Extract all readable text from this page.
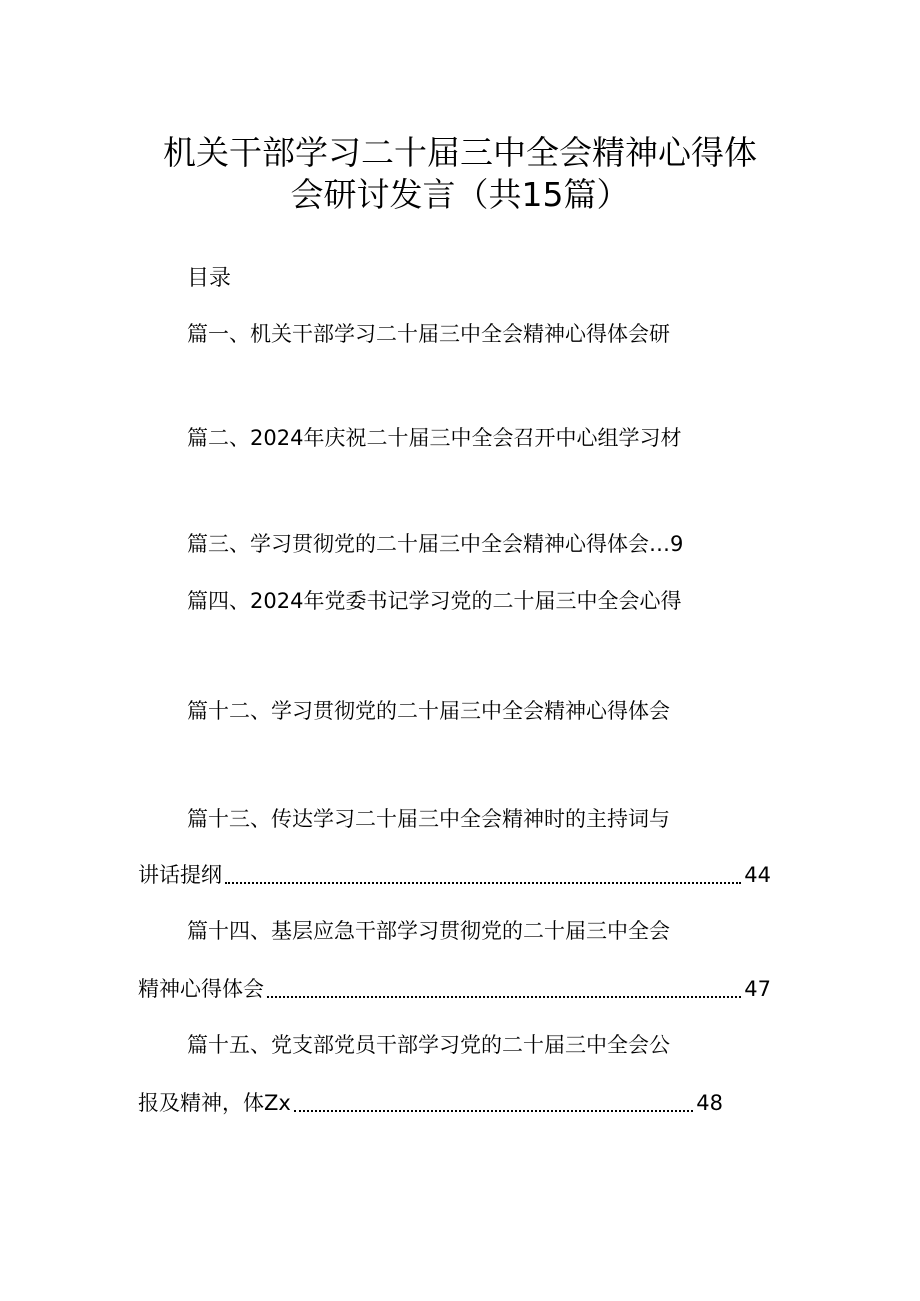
机关干部学习二十届三中全会精神心得体
会研讨发言（共15篇）
目录
篇一、机关干部学习二十届三中全会精神心得体会研
篇二、2024年庆祝二十届三中全会召开中心组学习材
篇三、学习贯彻党的二十届三中全会精神心得体会…9
篇四、2024年党委书记学习党的二十届三中全会心得
篇十二、学习贯彻党的二十届三中全会精神心得体会
篇十三、传达学习二十届三中全会精神时的主持词与
讲话提纲	44
篇十四、基层应急干部学习贯彻党的二十届三中全会
精神心得体会	47
篇十五、党支部党员干部学习党的二十届三中全会公
报及精神，体Zx	48
